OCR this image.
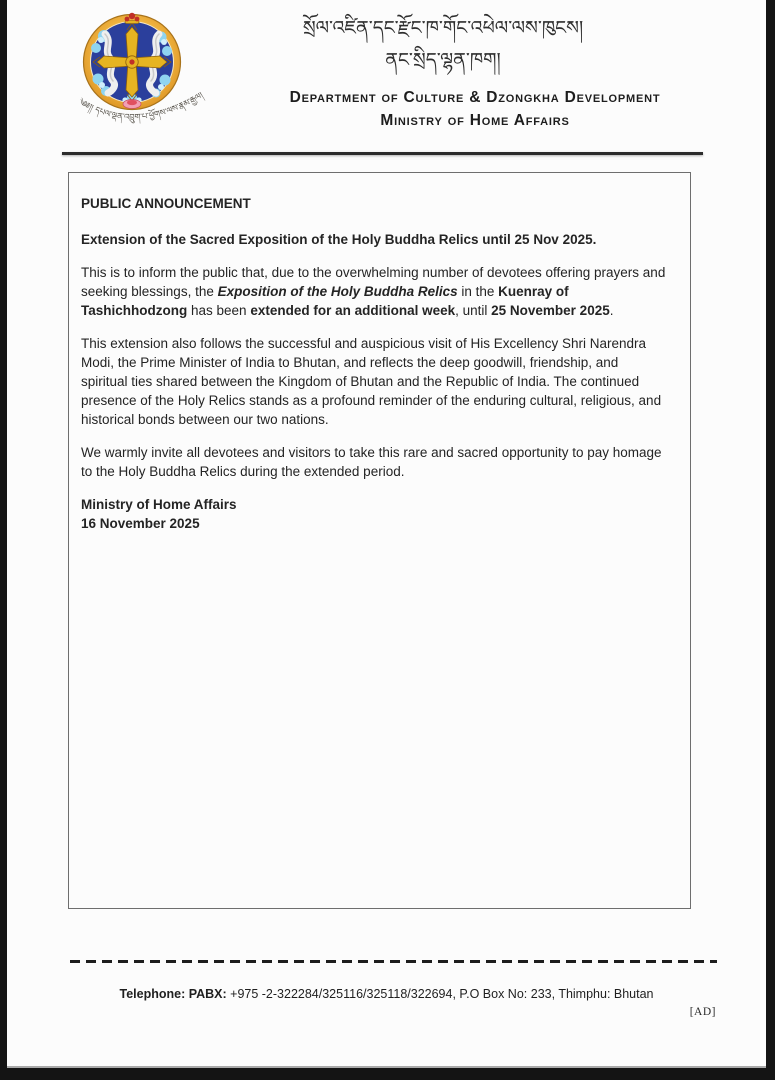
༄༅།། དཔལ་ལྡན་འབྲུག་པ་ཕྱོགས་ལས་རྣམ་རྒྱལ།
སྲོལ་འཛིན་དང་རྫོང་ཁ་གོང་འཕེལ་ལས་ཁུངས།
ནང་སྲིད་ལྷན་ཁག།
Department of Culture & Dzongkha Development
Ministry of Home Affairs
PUBLIC ANNOUNCEMENT
Extension of the Sacred Exposition of the Holy Buddha Relics until 25 Nov 2025.

This is to inform the public that, due to the overwhelming number of devotees offering prayers and seeking blessings, the Exposition of the Holy Buddha Relics in the Kuenray of Tashichhodzong has been extended for an additional week, until 25 November 2025.

This extension also follows the successful and auspicious visit of His Excellency Shri Narendra Modi, the Prime Minister of India to Bhutan, and reflects the deep goodwill, friendship, and spiritual ties shared between the Kingdom of Bhutan and the Republic of India. The continued presence of the Holy Relics stands as a profound reminder of the enduring cultural, religious, and historical bonds between our two nations.

We warmly invite all devotees and visitors to take this rare and sacred opportunity to pay homage to the Holy Buddha Relics during the extended period.

Ministry of Home Affairs
16 November 2025
Telephone: PABX: +975 -2-322284/325116/325118/322694, P.O Box No: 233, Thimphu: Bhutan
[AD]
